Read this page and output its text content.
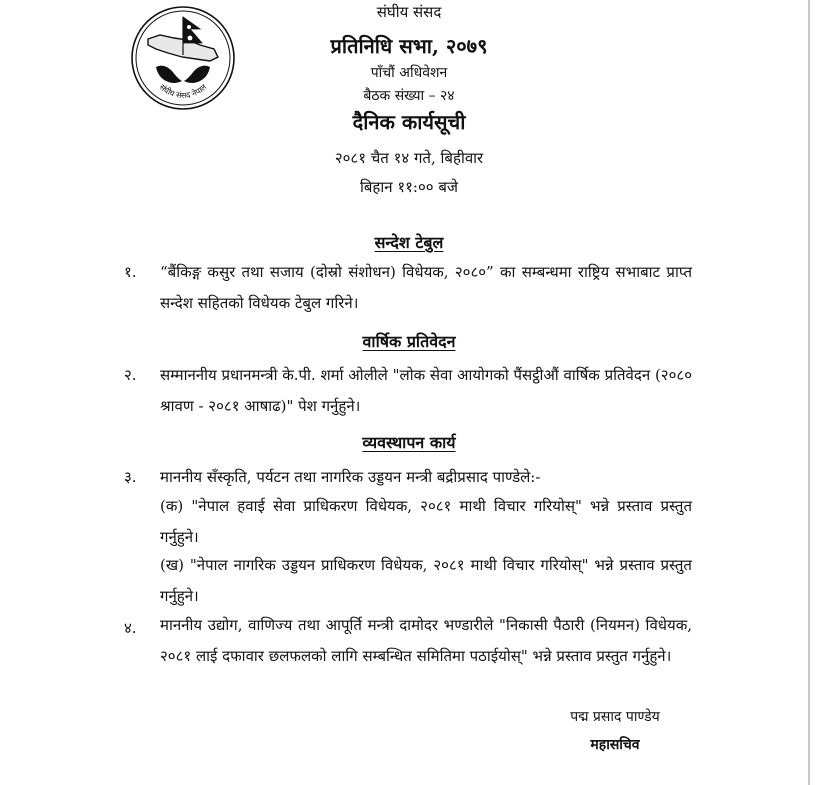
संघीय संसद नेपाल
संघीय संसद
प्रतिनिधि सभा, २०७९
पाँचौं अधिवेशन
बैठक संख्या – २४
दैनिक कार्यसूची
२०८१ चैत १४ गते, बिहीवार
बिहान ११:०० बजे
सन्देश टेबुल
१. “बैंकिङ्ग कसुर तथा सजाय (दोस्रो संशोधन) विधेयक, २०८०” का सम्बन्धमा राष्ट्रिय सभाबाट प्राप्त सन्देश सहितको विधेयक टेबुल गरिने।
वार्षिक प्रतिवेदन
२. सम्माननीय प्रधानमन्त्री के.पी. शर्मा ओलीले "लोक सेवा आयोगको पैंसट्ठीऔं वार्षिक प्रतिवेदन (२०८० श्रावण - २०८१ आषाढ)" पेश गर्नुहुने।
व्यवस्थापन कार्य
३. माननीय सँस्कृति, पर्यटन तथा नागरिक उड्डयन मन्त्री बद्रीप्रसाद पाण्डेले:-
(क) "नेपाल हवाई सेवा प्राधिकरण विधेयक, २०८१ माथी विचार गरियोस्" भन्ने प्रस्ताव प्रस्तुत गर्नुहुने।
(ख) "नेपाल नागरिक उड्डयन प्राधिकरण विधेयक, २०८१ माथी विचार गरियोस्" भन्ने प्रस्ताव प्रस्तुत गर्नुहुने।
४. माननीय उद्योग, वाणिज्य तथा आपूर्ति मन्त्री दामोदर भण्डारीले "निकासी पैठारी (नियमन) विधेयक, २०८१ लाई दफावार छलफलको लागि सम्बन्धित समितिमा पठाईयोस्" भन्ने प्रस्ताव प्रस्तुत गर्नुहुने।
पद्म प्रसाद पाण्डेय
महासचिव
